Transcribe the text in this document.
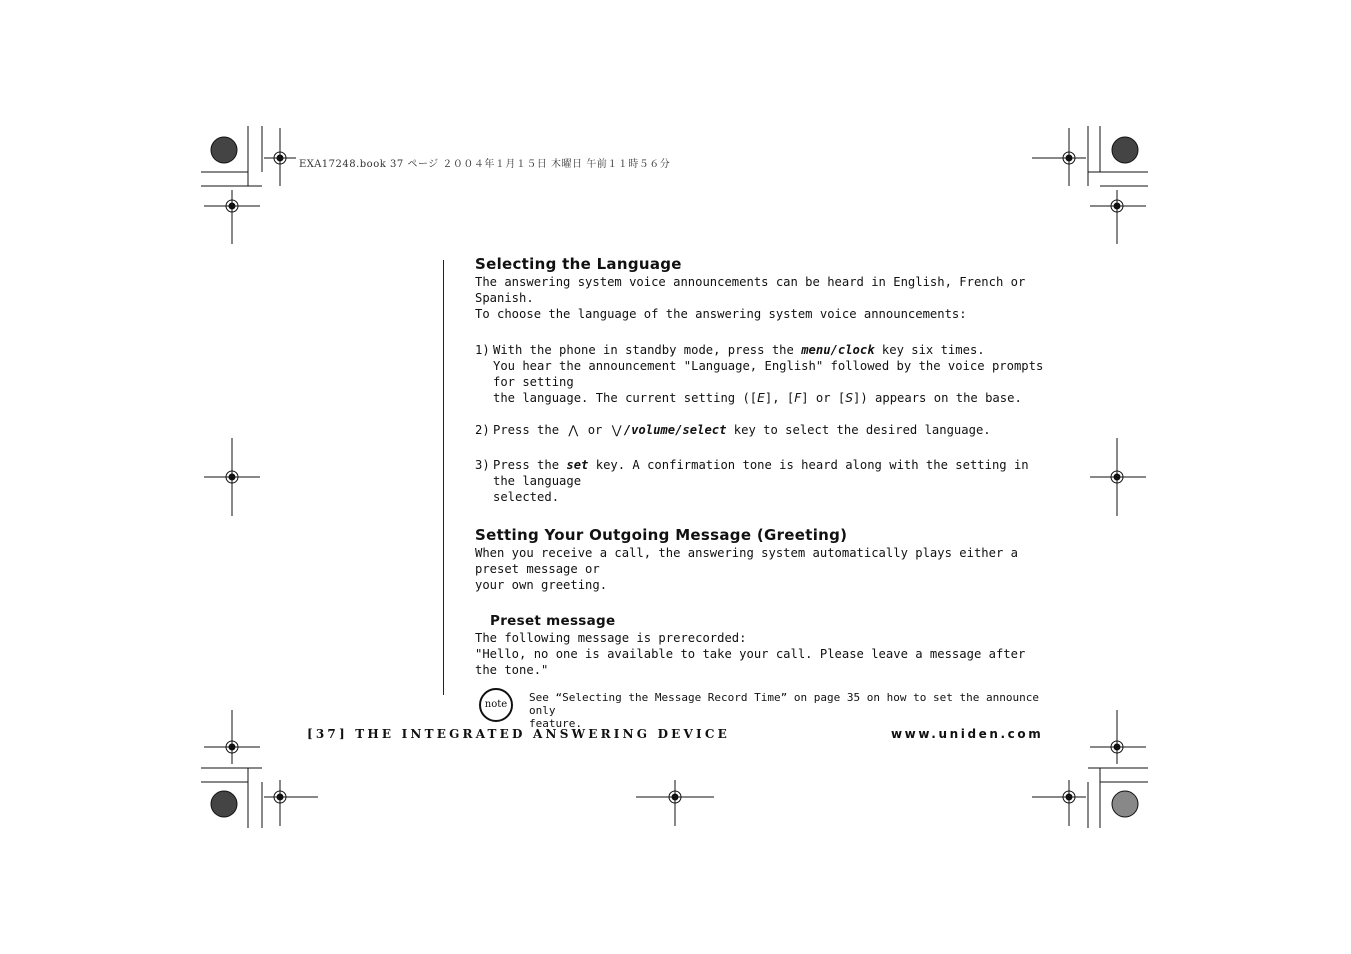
EXA17248.book 37 ページ ２００４年１月１５日 木曜日 午前１１時５６分
Selecting the Language

The answering system voice announcements can be heard in English, French or Spanish.

To choose the language of the answering system voice announcements:

1) With the phone in standby mode, press the menu/clock key six times.

You hear the announcement "Language, English" followed by the voice prompts for setting

the language. The current setting ([E], [F] or [S]) appears on the base.

2) Press the ⋀ or ⋁ /volume/select key to select the desired language.

3) Press the set key. A confirmation tone is heard along with the setting in the language

selected.

Setting Your Outgoing Message (Greeting)

When you receive a call, the answering system automatically plays either a preset message or

your own greeting.

Preset message

The following message is prerecorded:

"Hello, no one is available to take your call. Please leave a message after the tone."

note

See “Selecting the Message Record Time” on page 35 on how to set the announce only

feature.

[37] THE INTEGRATED ANSWERING DEVICE	www.uniden.com
